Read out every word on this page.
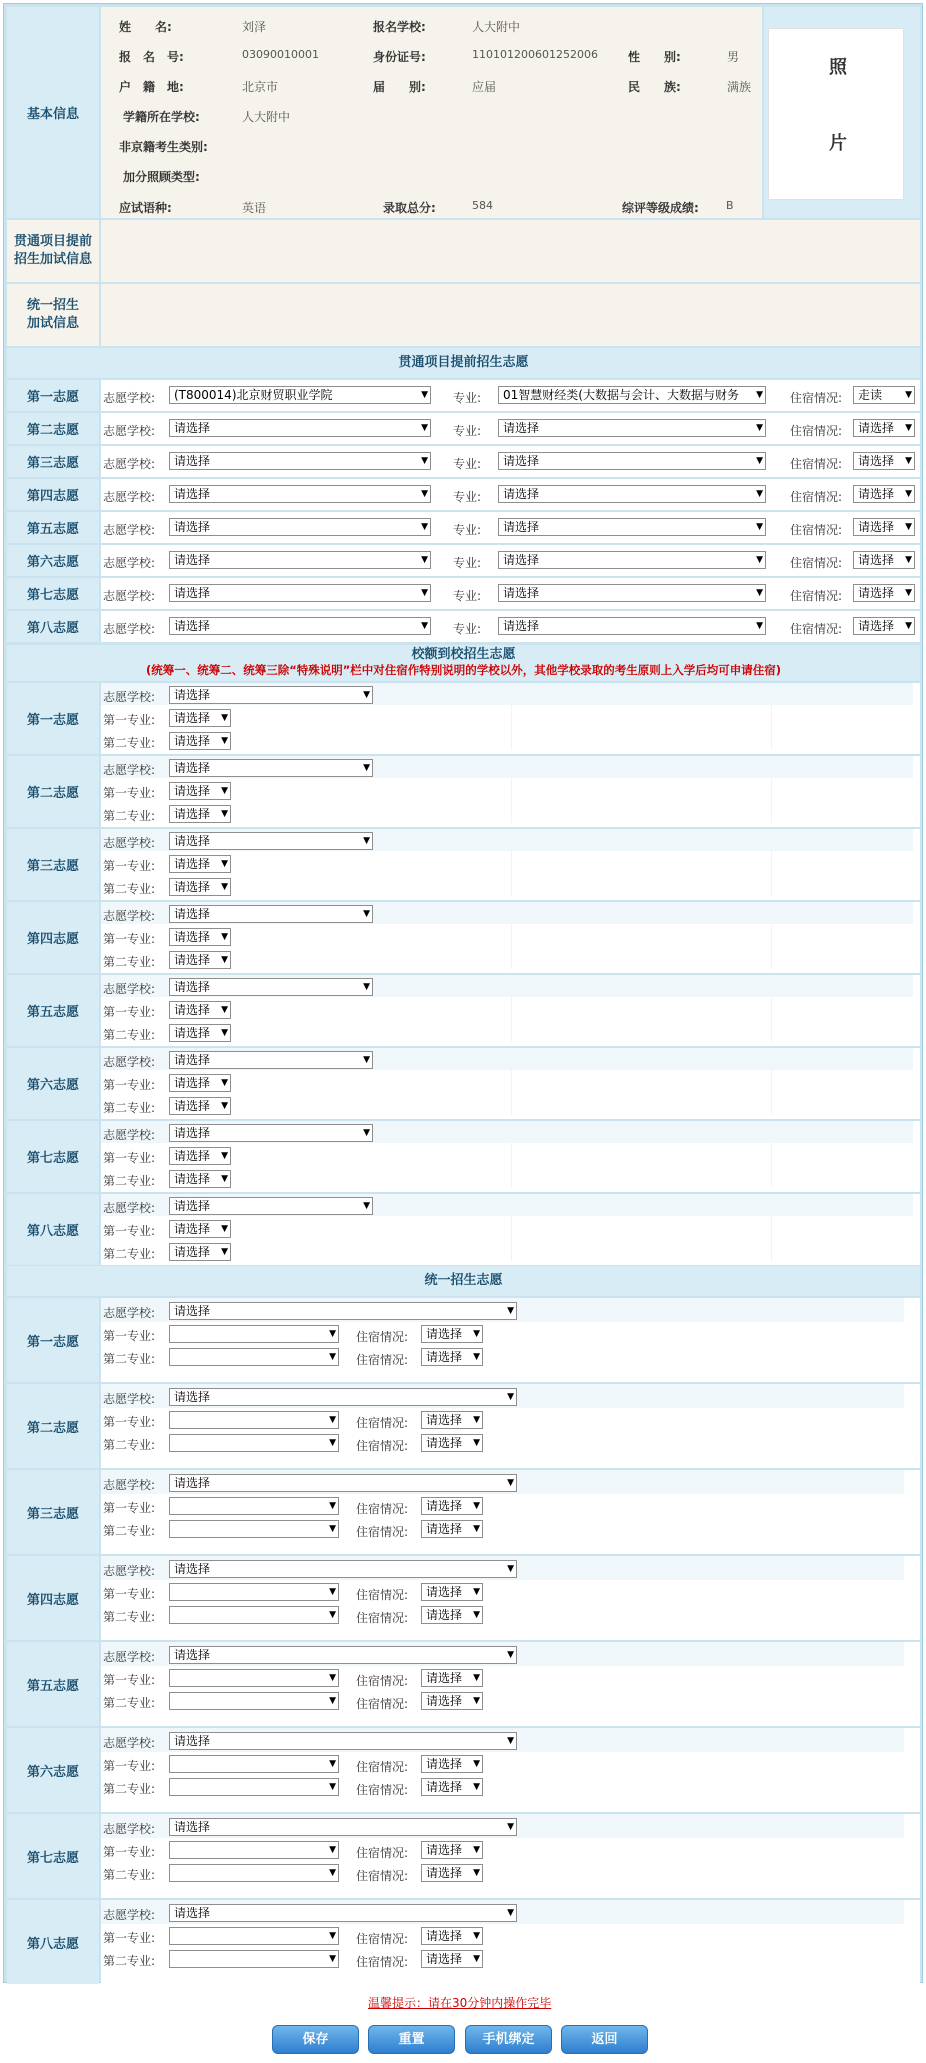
基本信息
姓　　名:	刘泽	报名学校:	人大附中
报　名　号:	03090010001	身份证号:	110101200601252006	性　　别:	男
户　籍　地:	北京市	届　　别:	应届	民　　族:	满族
学籍所在学校:	人大附中
非京籍考生类别:
加分照顾类型:
应试语种:	英语	录取总分:	584	综评等级成绩: B
照　片
贯通项目提前招生加试信息
统一招生加试信息
贯通项目提前招生志愿
校额到校招生志愿
(统筹一、统筹二、统筹三除“特殊说明”栏中对住宿作特别说明的学校以外，其他学校录取的考生原则上入学后均可申请住宿)
统一招生志愿
第一志愿	志愿学校:	(T800014)北京财贸职业学院	▼ 专业:	01智慧财经类(大数据与会计、大数据与财务 ▼ 住宿情况:	走读	▼
第二志愿	志愿学校:	请选择	▼ 专业:	请选择	▼ 住宿情况:	请选择 ▼
第三志愿	志愿学校:	请选择	▼ 专业:	请选择	▼ 住宿情况:	请选择 ▼
第四志愿	志愿学校:	请选择	▼ 专业:	请选择	▼ 住宿情况:	请选择 ▼
第五志愿	志愿学校:	请选择	▼ 专业:	请选择	▼ 住宿情况:	请选择 ▼
第六志愿	志愿学校:	请选择	▼ 专业:	请选择	▼ 住宿情况:	请选择 ▼
第七志愿	志愿学校:	请选择	▼ 专业:	请选择	▼ 住宿情况:	请选择 ▼
第八志愿	志愿学校:	请选择	▼ 专业:	请选择	▼ 住宿情况:	请选择 ▼
第一志愿
志愿学校:	请选择	▼
第一专业:	请选择 ▼
第二专业:	请选择 ▼
第二志愿
志愿学校:	请选择	▼
第一专业:	请选择 ▼
第二专业:	请选择 ▼
第三志愿
志愿学校:	请选择	▼
第一专业:	请选择 ▼
第二专业:	请选择 ▼
第四志愿
志愿学校:	请选择	▼
第一专业:	请选择 ▼
第二专业:	请选择 ▼
第五志愿
志愿学校:	请选择	▼
第一专业:	请选择 ▼
第二专业:	请选择 ▼
第六志愿
志愿学校:	请选择	▼
第一专业:	请选择 ▼
第二专业:	请选择 ▼
第七志愿
志愿学校:	请选择	▼
第一专业:	请选择 ▼
第二专业:	请选择 ▼
第八志愿
志愿学校:	请选择	▼
第一专业:	请选择 ▼
第二专业:	请选择 ▼
第一志愿
志愿学校:	请选择	▼
第一专业:	▼ 住宿情况:	请选择 ▼
第二专业:	▼ 住宿情况:	请选择 ▼
第二志愿
志愿学校:	请选择	▼
第一专业:	▼ 住宿情况:	请选择 ▼
第二专业:	▼ 住宿情况:	请选择 ▼
第三志愿
志愿学校:	请选择	▼
第一专业:	▼ 住宿情况:	请选择 ▼
第二专业:	▼ 住宿情况:	请选择 ▼
第四志愿
志愿学校:	请选择	▼
第一专业:	▼ 住宿情况:	请选择 ▼
第二专业:	▼ 住宿情况:	请选择 ▼
第五志愿
志愿学校:	请选择	▼
第一专业:	▼ 住宿情况:	请选择 ▼
第二专业:	▼ 住宿情况:	请选择 ▼
第六志愿
志愿学校:	请选择	▼
第一专业:	▼ 住宿情况:	请选择 ▼
第二专业:	▼ 住宿情况:	请选择 ▼
第七志愿
志愿学校:	请选择	▼
第一专业:	▼ 住宿情况:	请选择 ▼
第二专业:	▼ 住宿情况:	请选择 ▼
第八志愿
志愿学校:	请选择	▼
第一专业:	▼ 住宿情况:	请选择 ▼
第二专业:	▼ 住宿情况:	请选择 ▼
温馨提示：请在30分钟内操作完毕
保存	重置	手机绑定	返回
